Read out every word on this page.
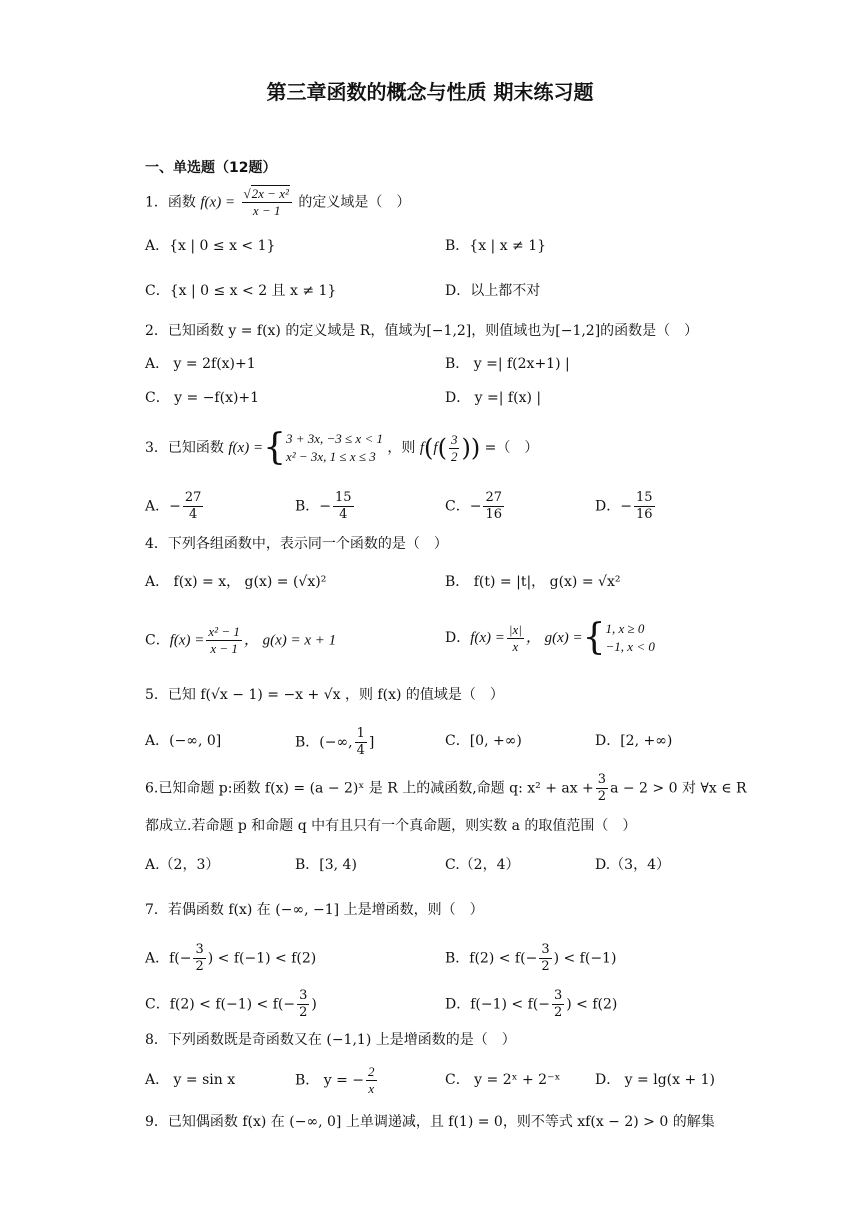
第三章函数的概念与性质 期末练习题
一、单选题（12题）
1．函数 $f(x) = \frac{\text{√2x − x²}}{x - 1}$ 的定义域是（　）
A．{x | 0 ≤ x < 1}	B．{x | x ≠ 1}
C．{x | 0 ≤ x < 2 且 x ≠ 1}	D．以上都不对
2．已知函数 y = f(x) 的定义域是 R，值域为[−1,2]，则值域也为[−1,2]的函数是（　）
A． y = 2f(x)+1	B． y =| f(2x+1) |
C． y = −f(x)+1	D． y =| f(x) |
3．已知函数 f(x) ={ 3 + 3x, −3 ≤ x < 1
x² − 3x, 1 ≤ x ≤ 3
，则 $f(f( \frac{3}{2}$ )) =（　）
A．− $\frac{27}{4}$	B．− $\frac{15}{4}$	C．− $\frac{27}{16}$	D．− $\frac{15}{16}$
4．下列各组函数中，表示同一个函数的是（　）
A． f(x) = x， g(x) = (√x)²	B． f(t) = |t|， g(x) = √x²
C．$f(x) = \frac{\text{x² − 1}}{x - 1}$ ， g(x) = x + 1	D．$f(x) = \frac{|x|}{x}$ ， g(x) ={ 1, x ≥ 0
−1, x < 0
5．已知 f(√x − 1) = −x + √x ，则 f(x) 的值域是（　）
A．(−∞, 0]	B．(−∞, $\frac{1}{4}$ ]	C．[0, +∞)	D．[2, +∞)
6.已知命题 p:函数 f(x) = (a − 2)ˣ 是 R 上的减函数,命题 q: x² + ax + $\frac{3}{2}$ a − 2 > 0 对 ∀x ∈ R
都成立.若命题 p 和命题 q 中有且只有一个真命题，则实数 a 的取值范围（　）
A.（2，3）	B．[3, 4)	C.（2，4）	D.（3，4）
7．若偶函数 f(x) 在 (−∞, −1] 上是增函数，则（　）
A．$f(- \frac{3}{2}$ ) < f(−1) < f(2)	B．$f(2) < f(- \frac{3}{2}$ ) < f(−1)
C．$f(2) < f(-1) < f(- \frac{3}{2}$ )	D．$f(-1) < f(- \frac{3}{2}$ ) < f(2)
8．下列函数既是奇函数又在 (−1,1) 上是增函数的是（　）
A． y = sin x	B． y = − $\frac{2}{x}$	C． y = 2ˣ + 2⁻ˣ D． y = lg(x + 1)
9．已知偶函数 f(x) 在 (−∞, 0] 上单调递减，且 f(1) = 0，则不等式 xf(x − 2) > 0 的解集
